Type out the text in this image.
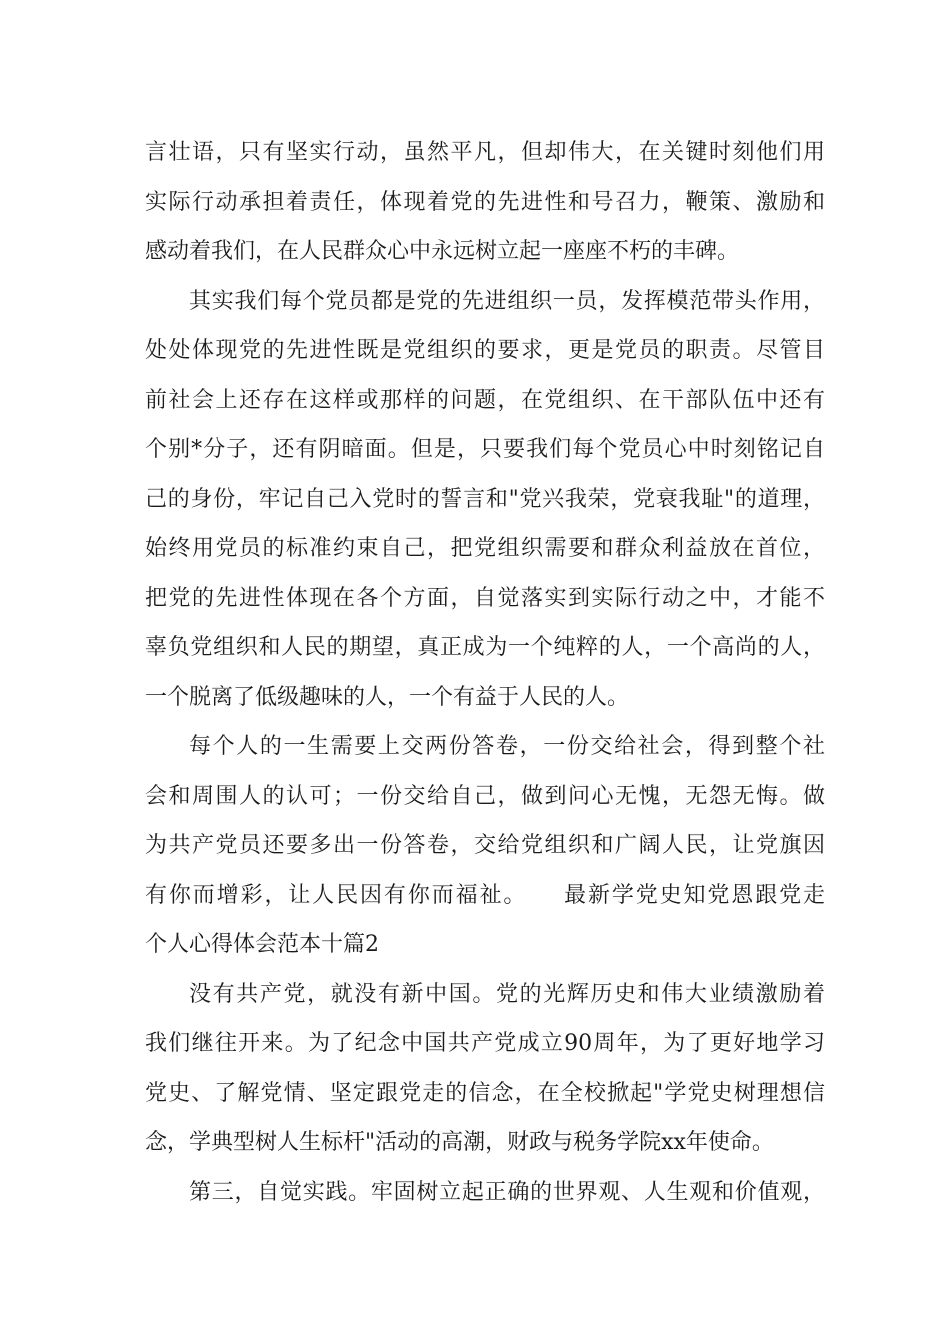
言壮语，只有坚实行动，虽然平凡，但却伟大，在关键时刻他们用
实际行动承担着责任，体现着党的先进性和号召力，鞭策、激励和
感动着我们，在人民群众心中永远树立起一座座不朽的丰碑。
其实我们每个党员都是党的先进组织一员，发挥模范带头作用，
处处体现党的先进性既是党组织的要求，更是党员的职责。尽管目
前社会上还存在这样或那样的问题，在党组织、在干部队伍中还有
个别*分子，还有阴暗面。但是，只要我们每个党员心中时刻铭记自
己的身份，牢记自己入党时的誓言和"党兴我荣，党衰我耻"的道理，
始终用党员的标准约束自己，把党组织需要和群众利益放在首位，
把党的先进性体现在各个方面，自觉落实到实际行动之中，才能不
辜负党组织和人民的期望，真正成为一个纯粹的人，一个高尚的人，
一个脱离了低级趣味的人，一个有益于人民的人。
每个人的一生需要上交两份答卷，一份交给社会，得到整个社
会和周围人的认可；一份交给自己，做到问心无愧，无怨无悔。做
为共产党员还要多出一份答卷，交给党组织和广阔人民，让党旗因
有你而增彩，让人民因有你而福祉。　　最新学党史知党恩跟党走
个人心得体会范本十篇2
没有共产党，就没有新中国。党的光辉历史和伟大业绩激励着
我们继往开来。为了纪念中国共产党成立90周年，为了更好地学习
党史、了解党情、坚定跟党走的信念，在全校掀起"学党史树理想信
念，学典型树人生标杆"活动的高潮，财政与税务学院xx年使命。
第三，自觉实践。牢固树立起正确的世界观、人生观和价值观，
